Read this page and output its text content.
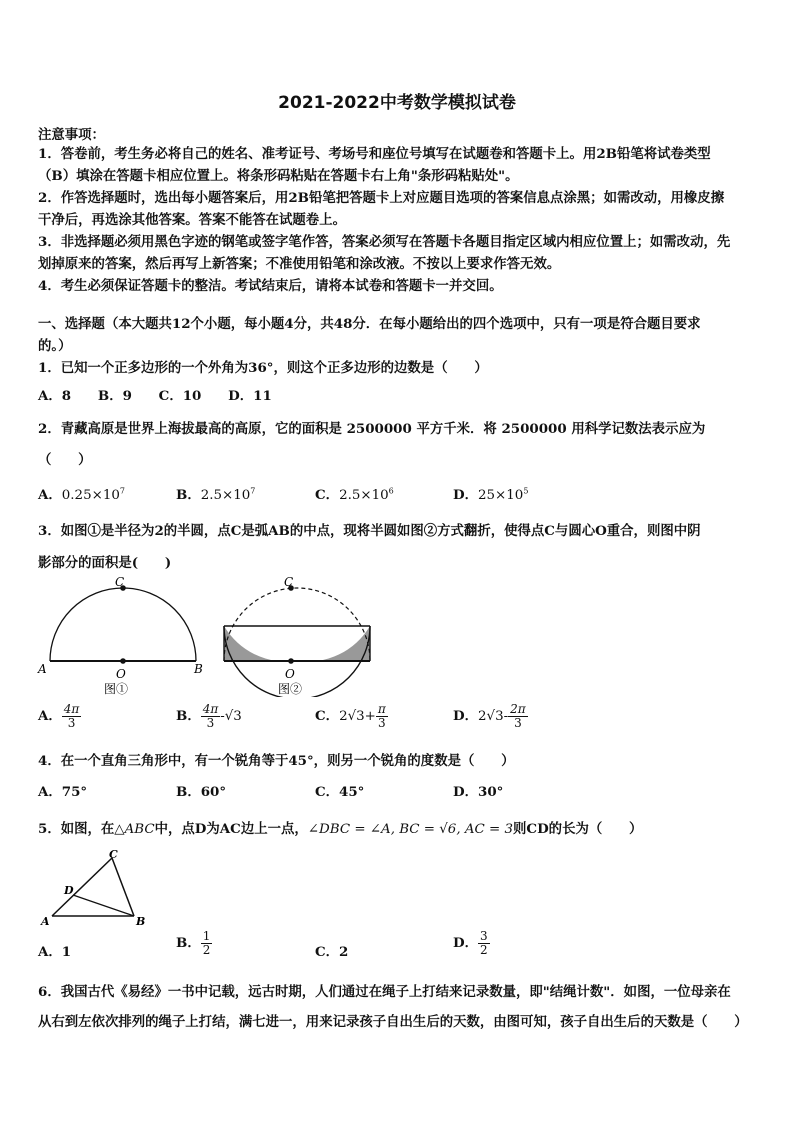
2021-2022中考数学模拟试卷
注意事项：
1．答卷前，考生务必将自己的姓名、准考证号、考场号和座位号填写在试题卷和答题卡上。用2B铅笔将试卷类型
（B）填涂在答题卡相应位置上。将条形码粘贴在答题卡右上角"条形码粘贴处"。
2．作答选择题时，选出每小题答案后，用2B铅笔把答题卡上对应题目选项的答案信息点涂黑；如需改动，用橡皮擦
干净后，再选涂其他答案。答案不能答在试题卷上。
3．非选择题必须用黑色字迹的钢笔或签字笔作答，答案必须写在答题卡各题目指定区域内相应位置上；如需改动，先
划掉原来的答案，然后再写上新答案；不准使用铅笔和涂改液。不按以上要求作答无效。
4．考生必须保证答题卡的整洁。考试结束后，请将本试卷和答题卡一并交回。
一、选择题（本大题共12个小题，每小题4分，共48分．在每小题给出的四个选项中，只有一项是符合题目要求
的。）
1．已知一个正多边形的一个外角为36°，则这个正多边形的边数是（　　）
A．8　　B．9　　C．10　　D．11
2．青藏高原是世界上海拔最高的高原，它的面积是 2500000 平方千米．将 2500000 用科学记数法表示应为
（　　）
A．$0.25\times 10^7$	B．$2.5\times 10^7$	C．$2.5\times 10^6$	D．$25\times 10^5$
3．如图①是半径为2的半圆，点C是弧AB的中点，现将半圆如图②方式翻折，使得点C与圆心O重合，则图中阴
影部分的面积是(　　)
C
A	B
O
图①
C
O
图②
A． $\frac{4\pi}{3}$	B． $\frac{4\pi}{3} -√3$	C．$2√3+ \frac{\pi}{3}$	D．$2√3- \frac{2\pi}{3}$
4．在一个直角三角形中，有一个锐角等于45°，则另一个锐角的度数是（　　）
A．75°	B．60°	C．45°	D．30°
5．如图，在△ABC中，点D为AC边上一点，∠DBC = ∠A, BC = √6, AC = 3则CD的长为（　　）
C
D
A	B
A．1
B． $\frac{1}{2}$	C．2
D． $\frac{3}{2}$
6．我国古代《易经》一书中记载，远古时期，人们通过在绳子上打结来记录数量，即"结绳计数"．如图，一位母亲在
从右到左依次排列的绳子上打结，满七进一，用来记录孩子自出生后的天数，由图可知，孩子自出生后的天数是（　　）
